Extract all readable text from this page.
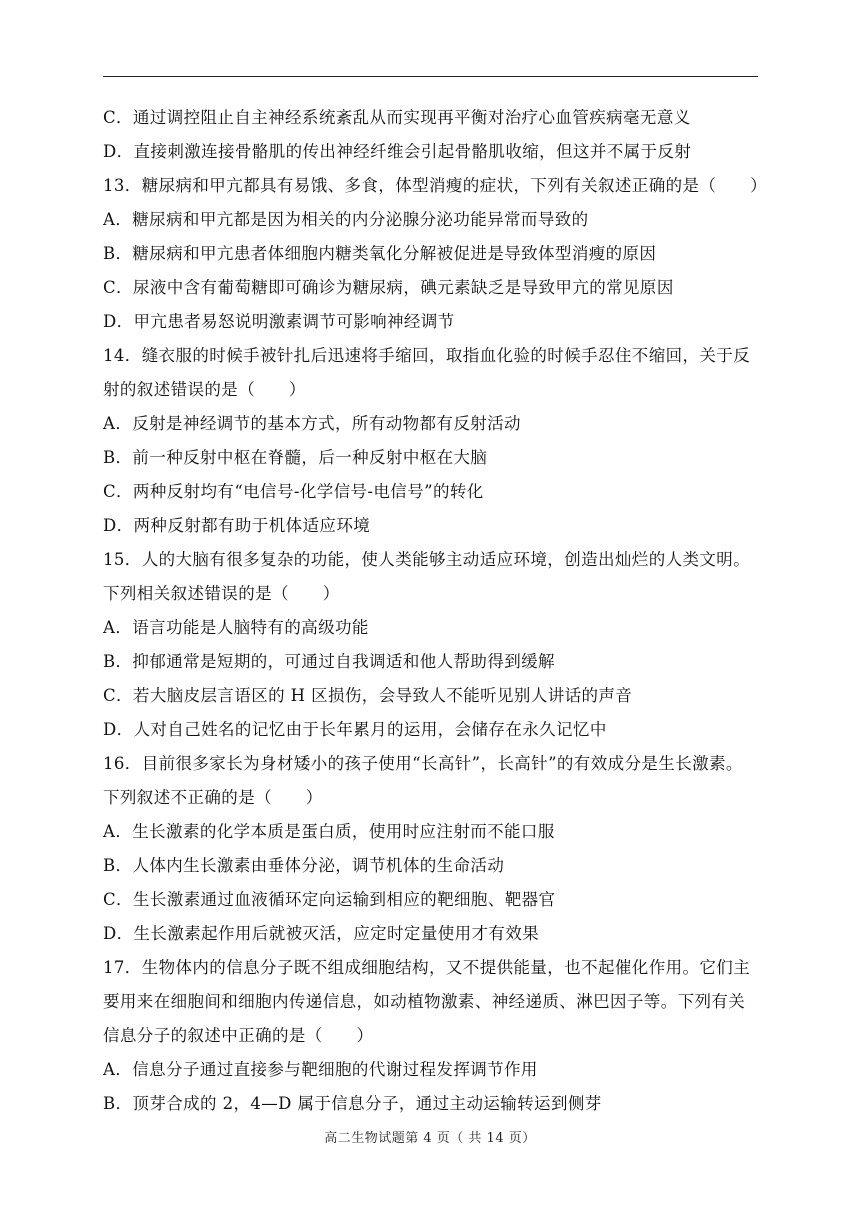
C．通过调控阻止自主神经系统紊乱从而实现再平衡对治疗心血管疾病毫无意义
D．直接刺激连接骨骼肌的传出神经纤维会引起骨骼肌收缩，但这并不属于反射
13．糖尿病和甲亢都具有易饿、多食，体型消瘦的症状，下列有关叙述正确的是（　　）
A．糖尿病和甲亢都是因为相关的内分泌腺分泌功能异常而导致的
B．糖尿病和甲亢患者体细胞内糖类氧化分解被促进是导致体型消瘦的原因
C．尿液中含有葡萄糖即可确诊为糖尿病，碘元素缺乏是导致甲亢的常见原因
D．甲亢患者易怒说明激素调节可影响神经调节
14．缝衣服的时候手被针扎后迅速将手缩回，取指血化验的时候手忍住不缩回，关于反
射的叙述错误的是（　　）
A．反射是神经调节的基本方式，所有动物都有反射活动
B．前一种反射中枢在脊髓，后一种反射中枢在大脑
C．两种反射均有“电信号-化学信号-电信号”的转化
D．两种反射都有助于机体适应环境
15．人的大脑有很多复杂的功能，使人类能够主动适应环境，创造出灿烂的人类文明。
下列相关叙述错误的是（　　）
A．语言功能是人脑特有的高级功能
B．抑郁通常是短期的，可通过自我调适和他人帮助得到缓解
C．若大脑皮层言语区的 H 区损伤，会导致人不能听见别人讲话的声音
D．人对自己姓名的记忆由于长年累月的运用，会储存在永久记忆中
16．目前很多家长为身材矮小的孩子使用“长高针”，长高针”的有效成分是生长激素。
下列叙述不正确的是（　　）
A．生长激素的化学本质是蛋白质，使用时应注射而不能口服
B．人体内生长激素由垂体分泌，调节机体的生命活动
C．生长激素通过血液循环定向运输到相应的靶细胞、靶器官
D．生长激素起作用后就被灭活，应定时定量使用才有效果
17．生物体内的信息分子既不组成细胞结构，又不提供能量，也不起催化作用。它们主
要用来在细胞间和细胞内传递信息，如动植物激素、神经递质、淋巴因子等。下列有关
信息分子的叙述中正确的是（　　）
A．信息分子通过直接参与靶细胞的代谢过程发挥调节作用
B．顶芽合成的 2，4—D 属于信息分子，通过主动运输转运到侧芽
高二生物试题第 4 页（ 共 14 页）
